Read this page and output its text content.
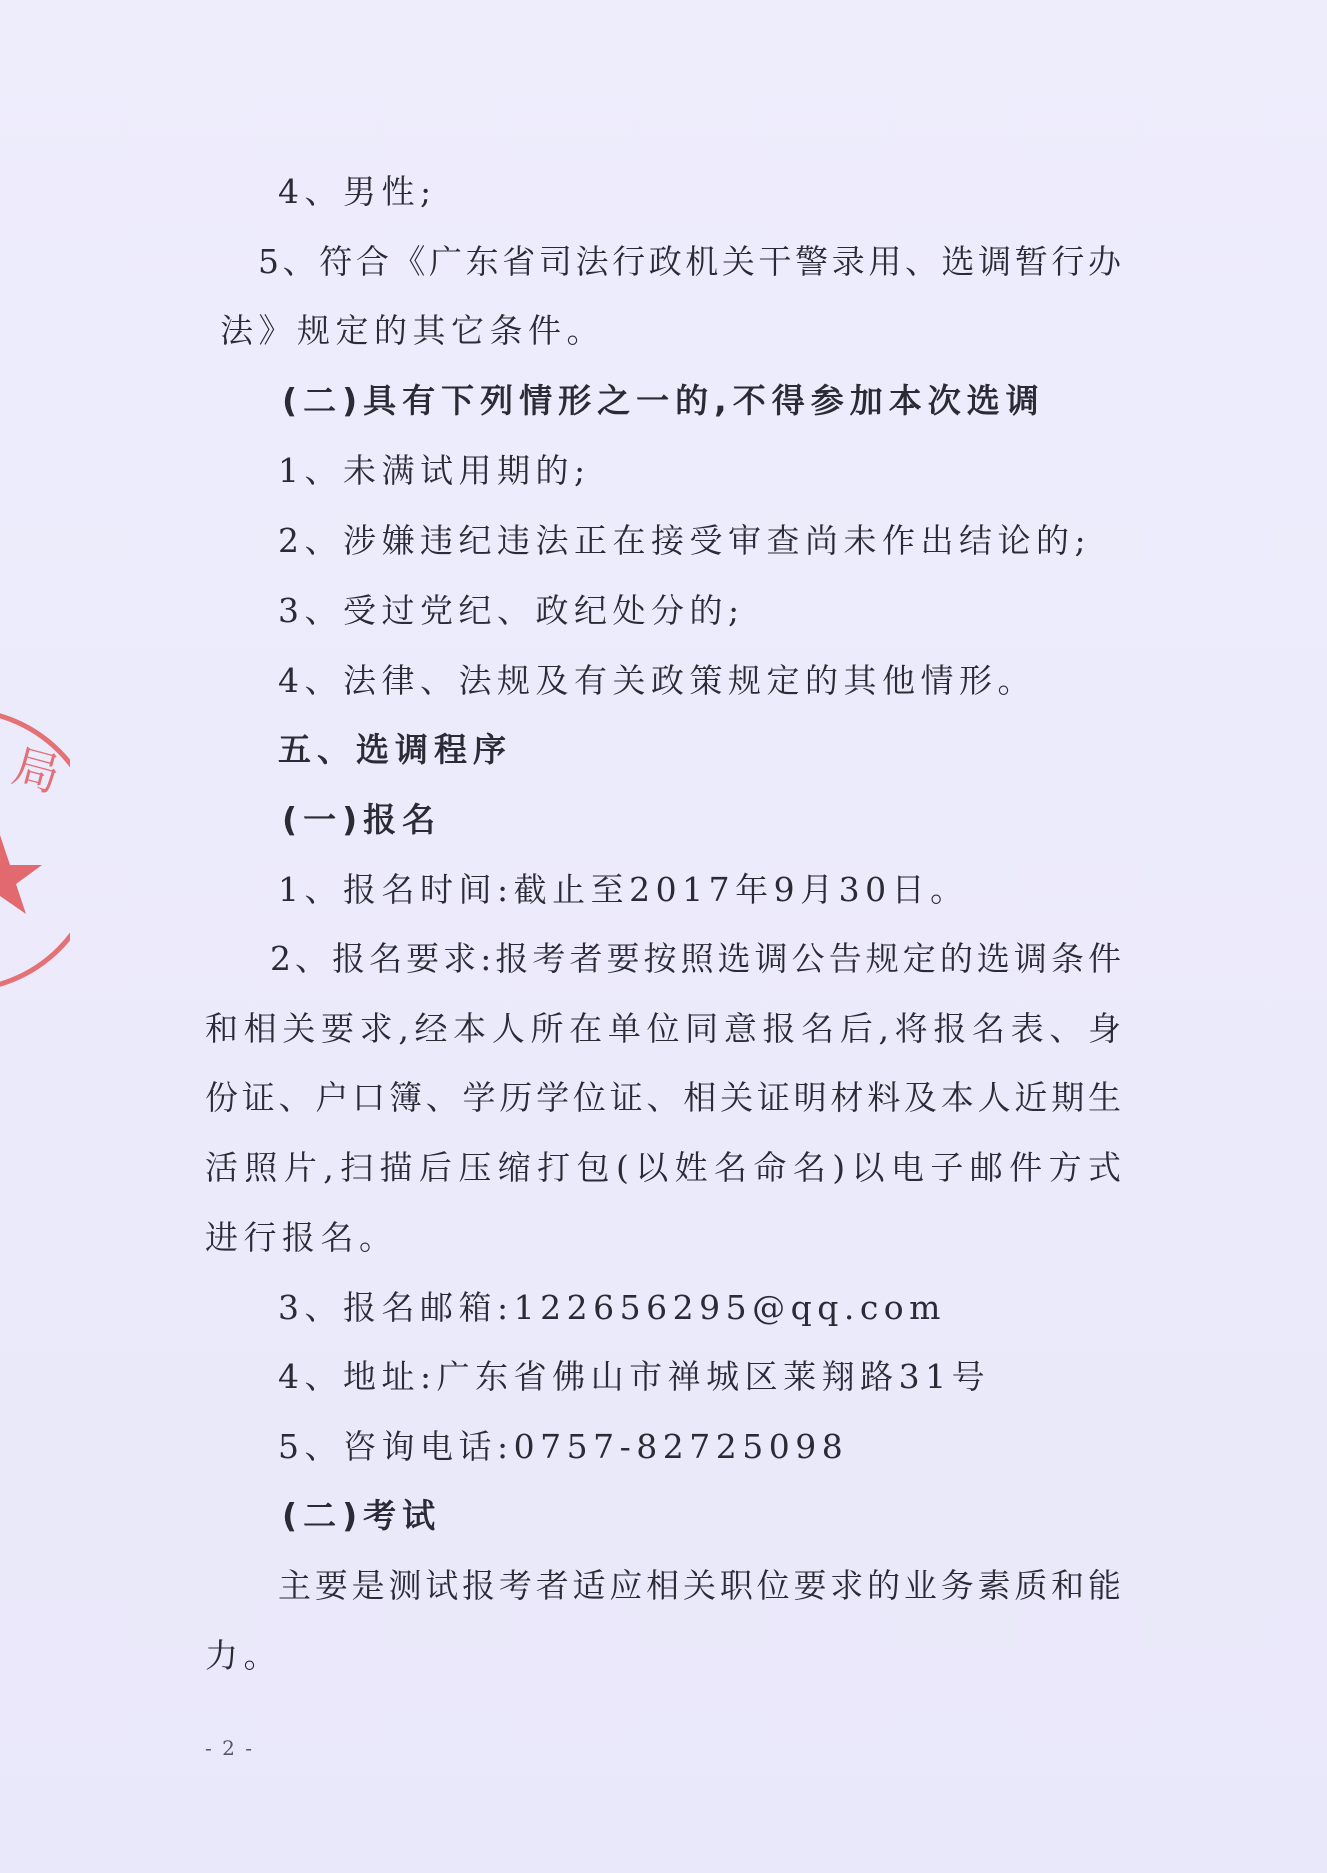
局
4、男性;
5、符合《广东省司法行政机关干警录用、选调暂行办
法》规定的其它条件。
(二)具有下列情形之一的,不得参加本次选调
1、未满试用期的;
2、涉嫌违纪违法正在接受审查尚未作出结论的;
3、受过党纪、政纪处分的;
4、法律、法规及有关政策规定的其他情形。
五、选调程序
(一)报名
1、报名时间:截止至2017年9月30日。
2、报名要求:报考者要按照选调公告规定的选调条件
和相关要求,经本人所在单位同意报名后,将报名表、身
份证、户口簿、学历学位证、相关证明材料及本人近期生
活照片,扫描后压缩打包(以姓名命名)以电子邮件方式
进行报名。
3、报名邮箱:122656295@qq.com
4、地址:广东省佛山市禅城区莱翔路31号
5、咨询电话:0757-82725098
(二)考试
主要是测试报考者适应相关职位要求的业务素质和能
力。
- 2 -
